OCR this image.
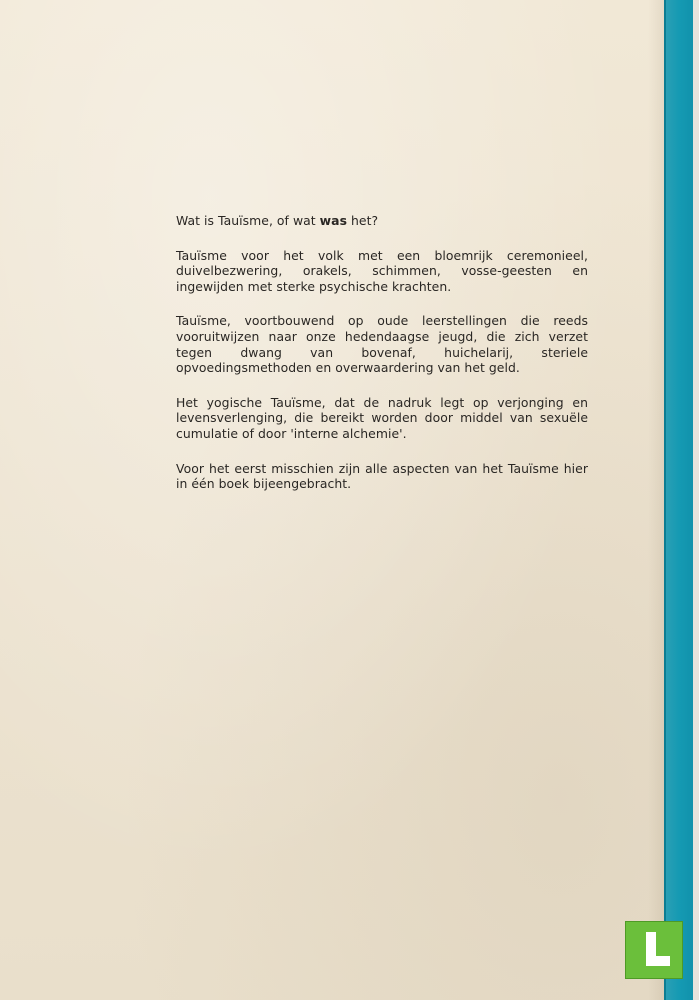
Wat is Tauïsme, of wat was het?

Tauïsme voor het volk met een bloemrijk ceremonieel, duivelbezwering, orakels, schimmen, vosse-geesten en ingewijden met sterke psychische krachten.

Tauïsme, voortbouwend op oude leerstellingen die reeds vooruitwijzen naar onze hedendaagse jeugd, die zich verzet tegen dwang van bovenaf, huichelarij, steriele opvoedingsmethoden en overwaardering van het geld.

Het yogische Tauïsme, dat de nadruk legt op verjonging en levensverlenging, die bereikt worden door middel van sexuële cumulatie of door 'interne alchemie'.

Voor het eerst misschien zijn alle aspecten van het Tauïsme hier in één boek bijeengebracht.
